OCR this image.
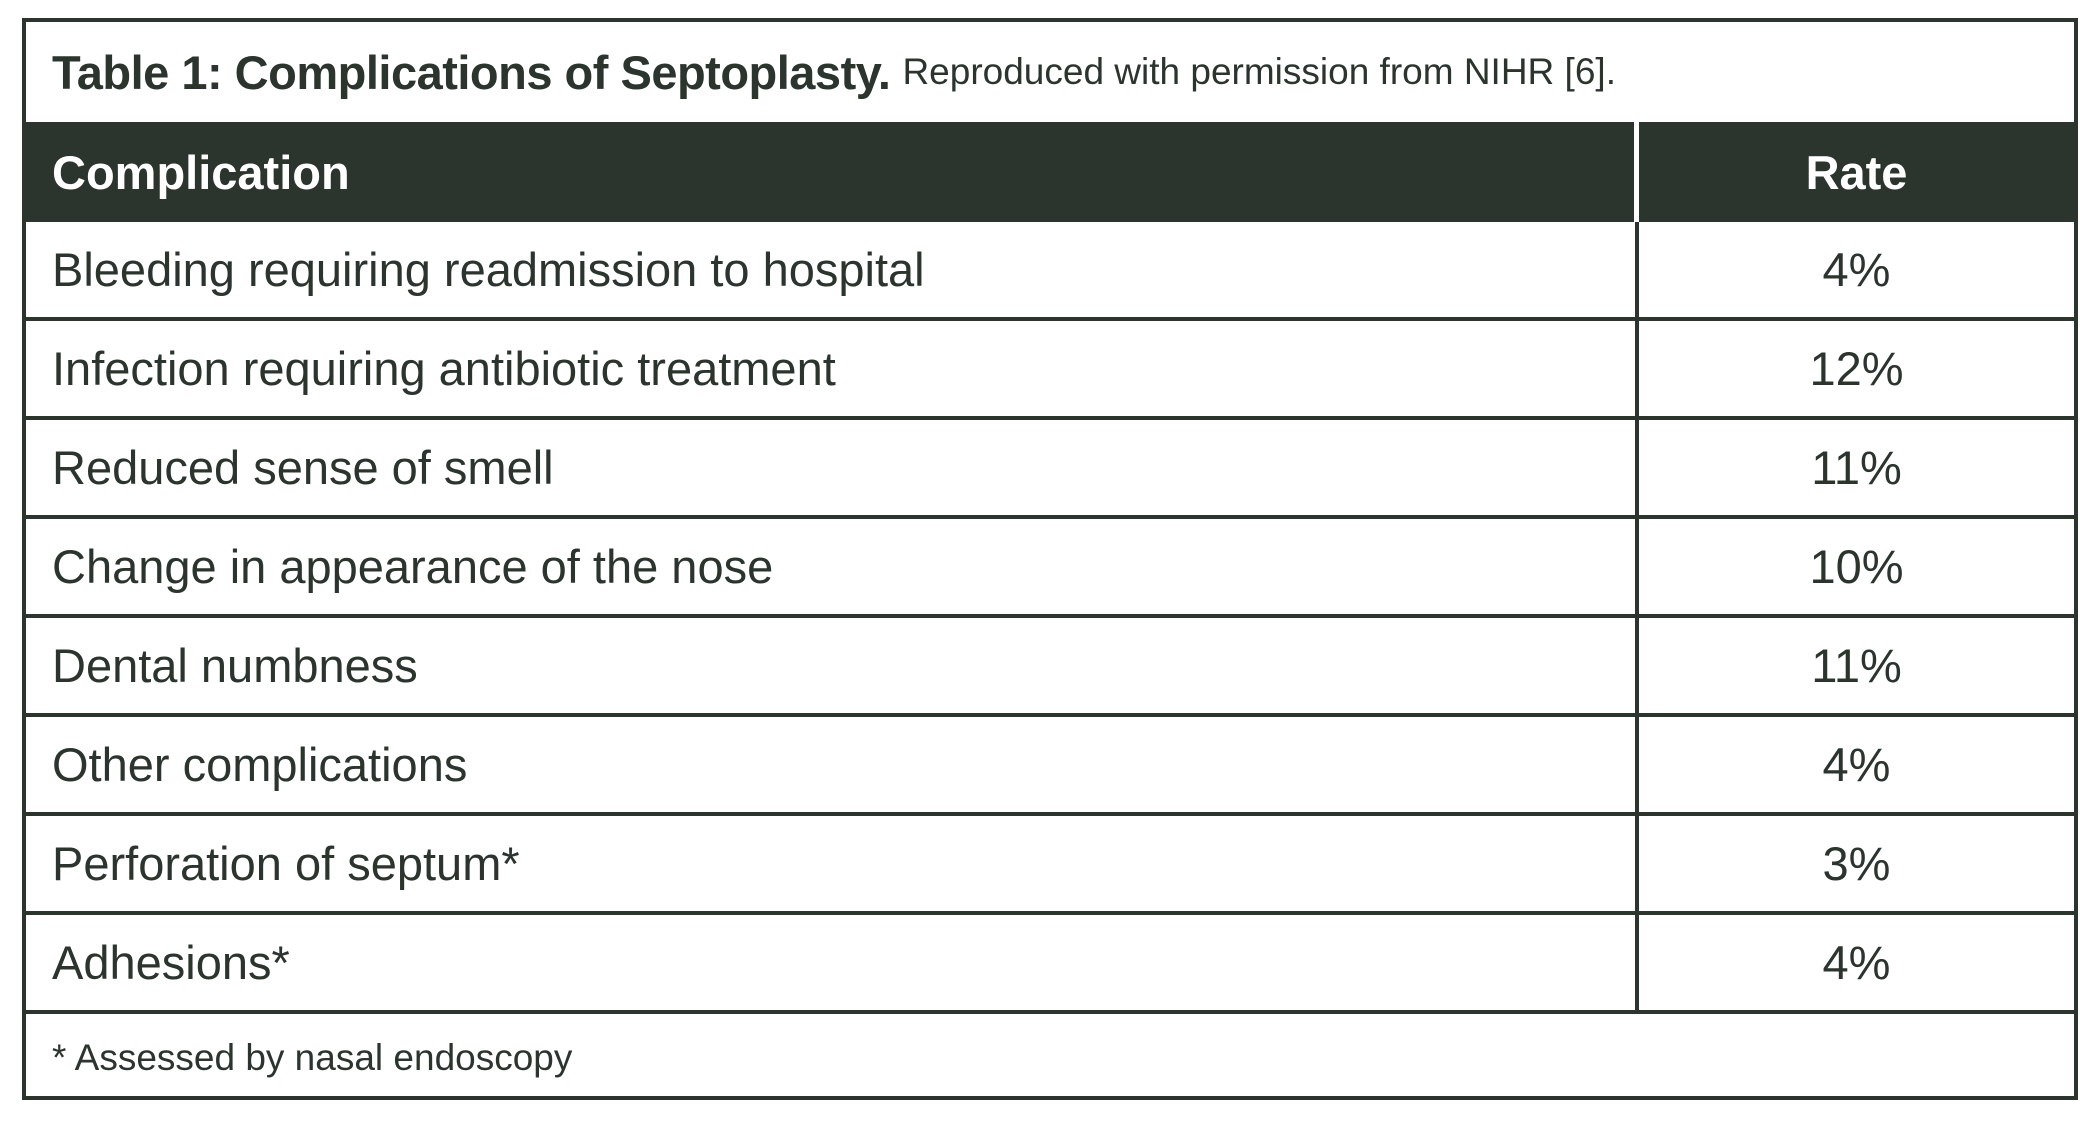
Table 1: Complications of Septoplasty. Reproduced with permission from NIHR [6].
Complication	Rate
Bleeding requiring readmission to hospital	4%
Infection requiring antibiotic treatment	12%
Reduced sense of smell	11%
Change in appearance of the nose	10%
Dental numbness	11%
Other complications	4%
Perforation of septum*	3%
Adhesions*	4%
* Assessed by nasal endoscopy
